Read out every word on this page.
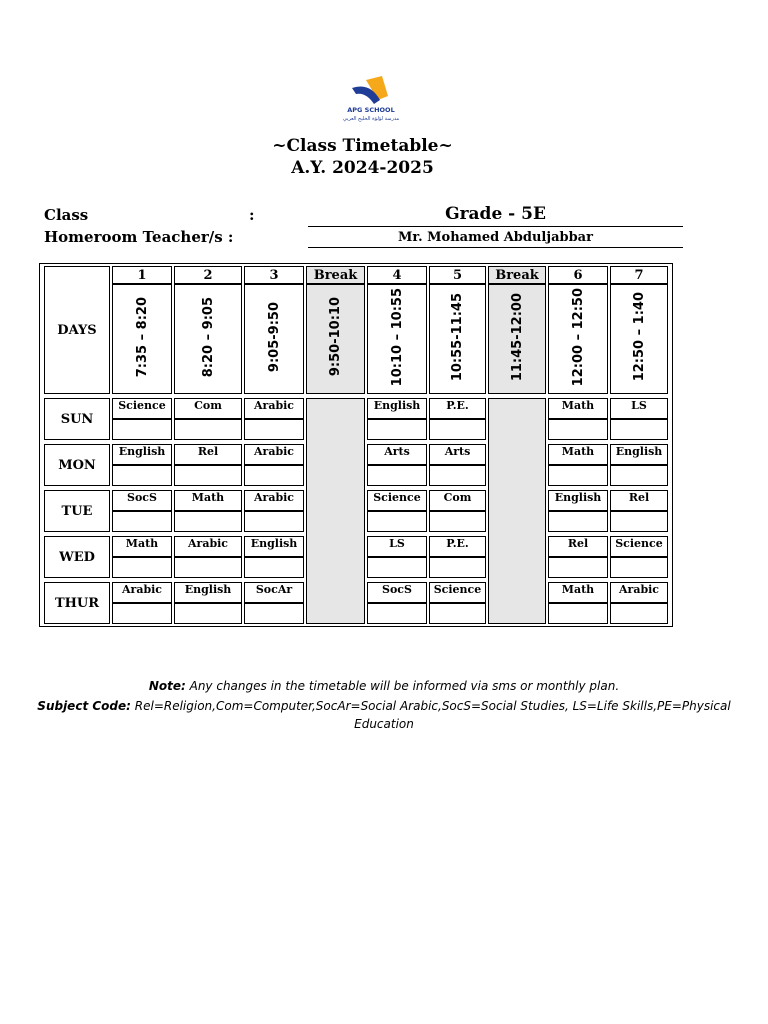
APG SCHOOL
مدرسة لؤلؤة الخليج العربي
~Class Timetable~
A.Y. 2024-2025
Class	:	Grade - 5E
Homeroom Teacher/s :	Mr. Mohamed Abduljabbar
DAYS	1	2	3	Break	4	5	Break	6	7
	7:35 – 8:20	8:20 – 9:05	9:05-9:50	9:50-10:10	10:10 – 10:55	10:55-11:45	11:45-12:00	12:00 – 12:50	12:50 – 1:40

SUN	Science	Com	Arabic		English	P.E.		Math	LS

MON	English	Rel	Arabic		Arts	Arts		Math	English

TUE	SocS	Math	Arabic		Science	Com		English	Rel

WED	Math	Arabic	English		LS	P.E.		Rel	Science

THUR	Arabic	English	SocAr		SocS	Science		Math	Arabic

Note: Any changes in the timetable will be informed via sms or monthly plan.
Subject Code: Rel=Religion,Com=Computer,SocAr=Social Arabic,SocS=Social Studies, LS=Life Skills,PE=Physical
Education
